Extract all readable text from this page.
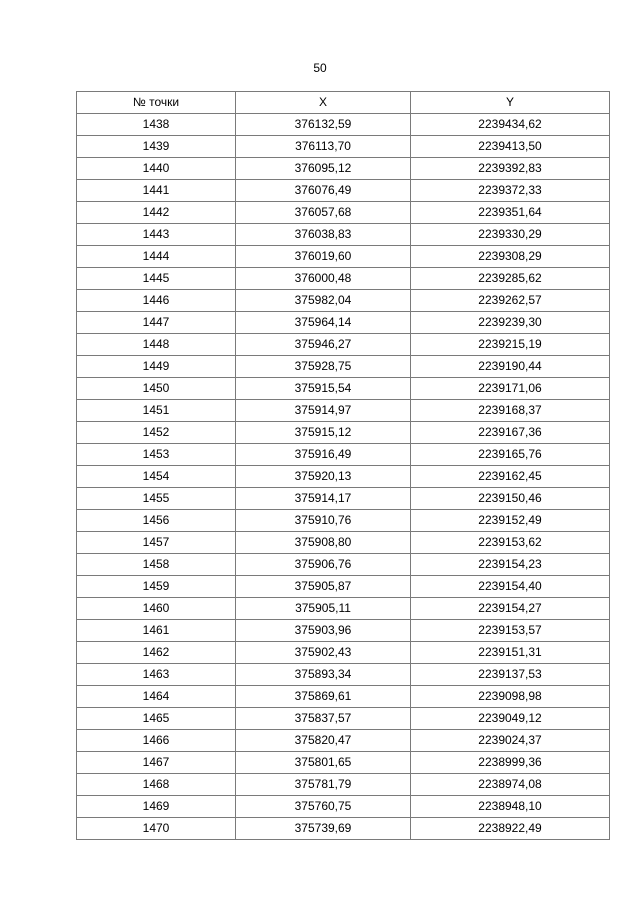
50
№ точки	X	Y
1438	376132,59	2239434,62
1439	376113,70	2239413,50
1440	376095,12	2239392,83
1441	376076,49	2239372,33
1442	376057,68	2239351,64
1443	376038,83	2239330,29
1444	376019,60	2239308,29
1445	376000,48	2239285,62
1446	375982,04	2239262,57
1447	375964,14	2239239,30
1448	375946,27	2239215,19
1449	375928,75	2239190,44
1450	375915,54	2239171,06
1451	375914,97	2239168,37
1452	375915,12	2239167,36
1453	375916,49	2239165,76
1454	375920,13	2239162,45
1455	375914,17	2239150,46
1456	375910,76	2239152,49
1457	375908,80	2239153,62
1458	375906,76	2239154,23
1459	375905,87	2239154,40
1460	375905,11	2239154,27
1461	375903,96	2239153,57
1462	375902,43	2239151,31
1463	375893,34	2239137,53
1464	375869,61	2239098,98
1465	375837,57	2239049,12
1466	375820,47	2239024,37
1467	375801,65	2238999,36
1468	375781,79	2238974,08
1469	375760,75	2238948,10
1470	375739,69	2238922,49
